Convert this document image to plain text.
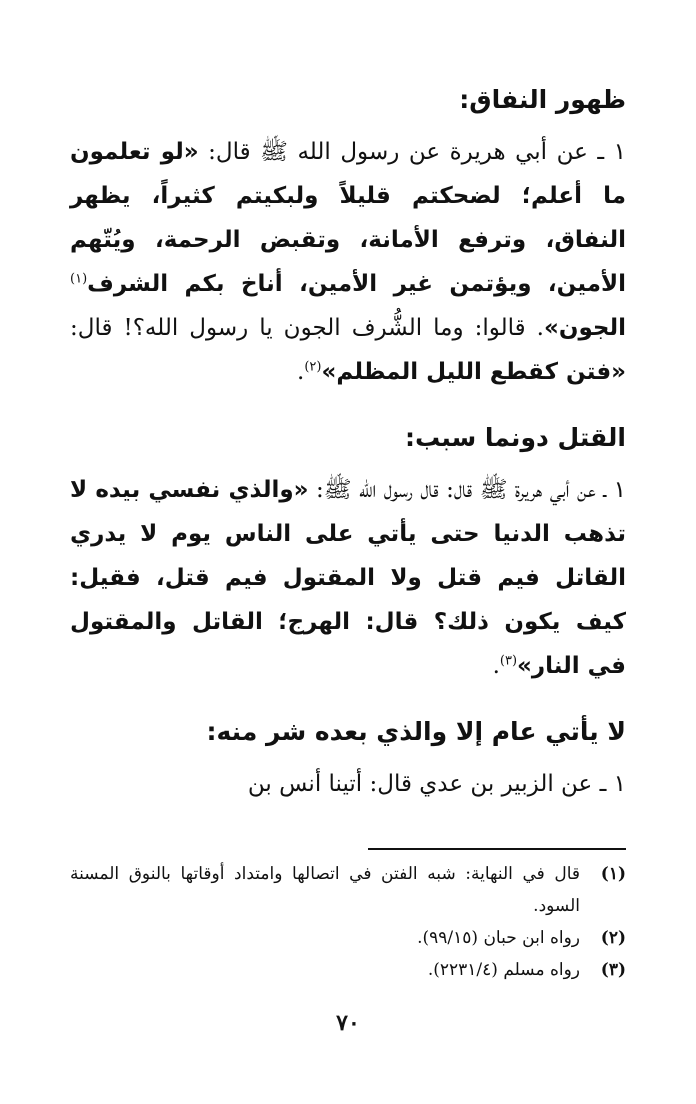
ظهور النفاق:

١ ـ عن أبي هريرة عن رسول الله ﷺ قال: «لو تعلمون ما أعلم؛ لضحكتم قليلاً ولبكيتم كثيراً، يظهر النفاق، وترفع الأمانة، وتقبض الرحمة، ويُتّهم الأمين، ويؤتمن غير الأمين، أناخ بكم الشرف$^{(١)}$ الجون». قالوا: وما الشُّرف الجون يا رسول الله؟! قال: «فتن كقطع الليل المظلم»$^{(٢)}$.

القتل دونما سبب:

١ ـ عن أبي هريرة ﷺ قال: قال رسول الله ﷺ: «والذي نفسي بيده لا تذهب الدنيا حتى يأتي على الناس يوم لا يدري القاتل فيم قتل ولا المقتول فيم قتل، فقيل: كيف يكون ذلك؟ قال: الهرج؛ القاتل والمقتول في النار»$^{(٣)}$.

لا يأتي عام إلا والذي بعده شر منه:

١ ـ عن الزبير بن عدي قال: أتينا أنس بن

(١)
قال في النهاية: شبه الفتن في اتصالها وامتداد أوقاتها بالنوق المسنة السود.
(٢)
رواه ابن حبان (٩٩/١٥).
(٣)
رواه مسلم (٢٢٣١/٤).
٧٠
